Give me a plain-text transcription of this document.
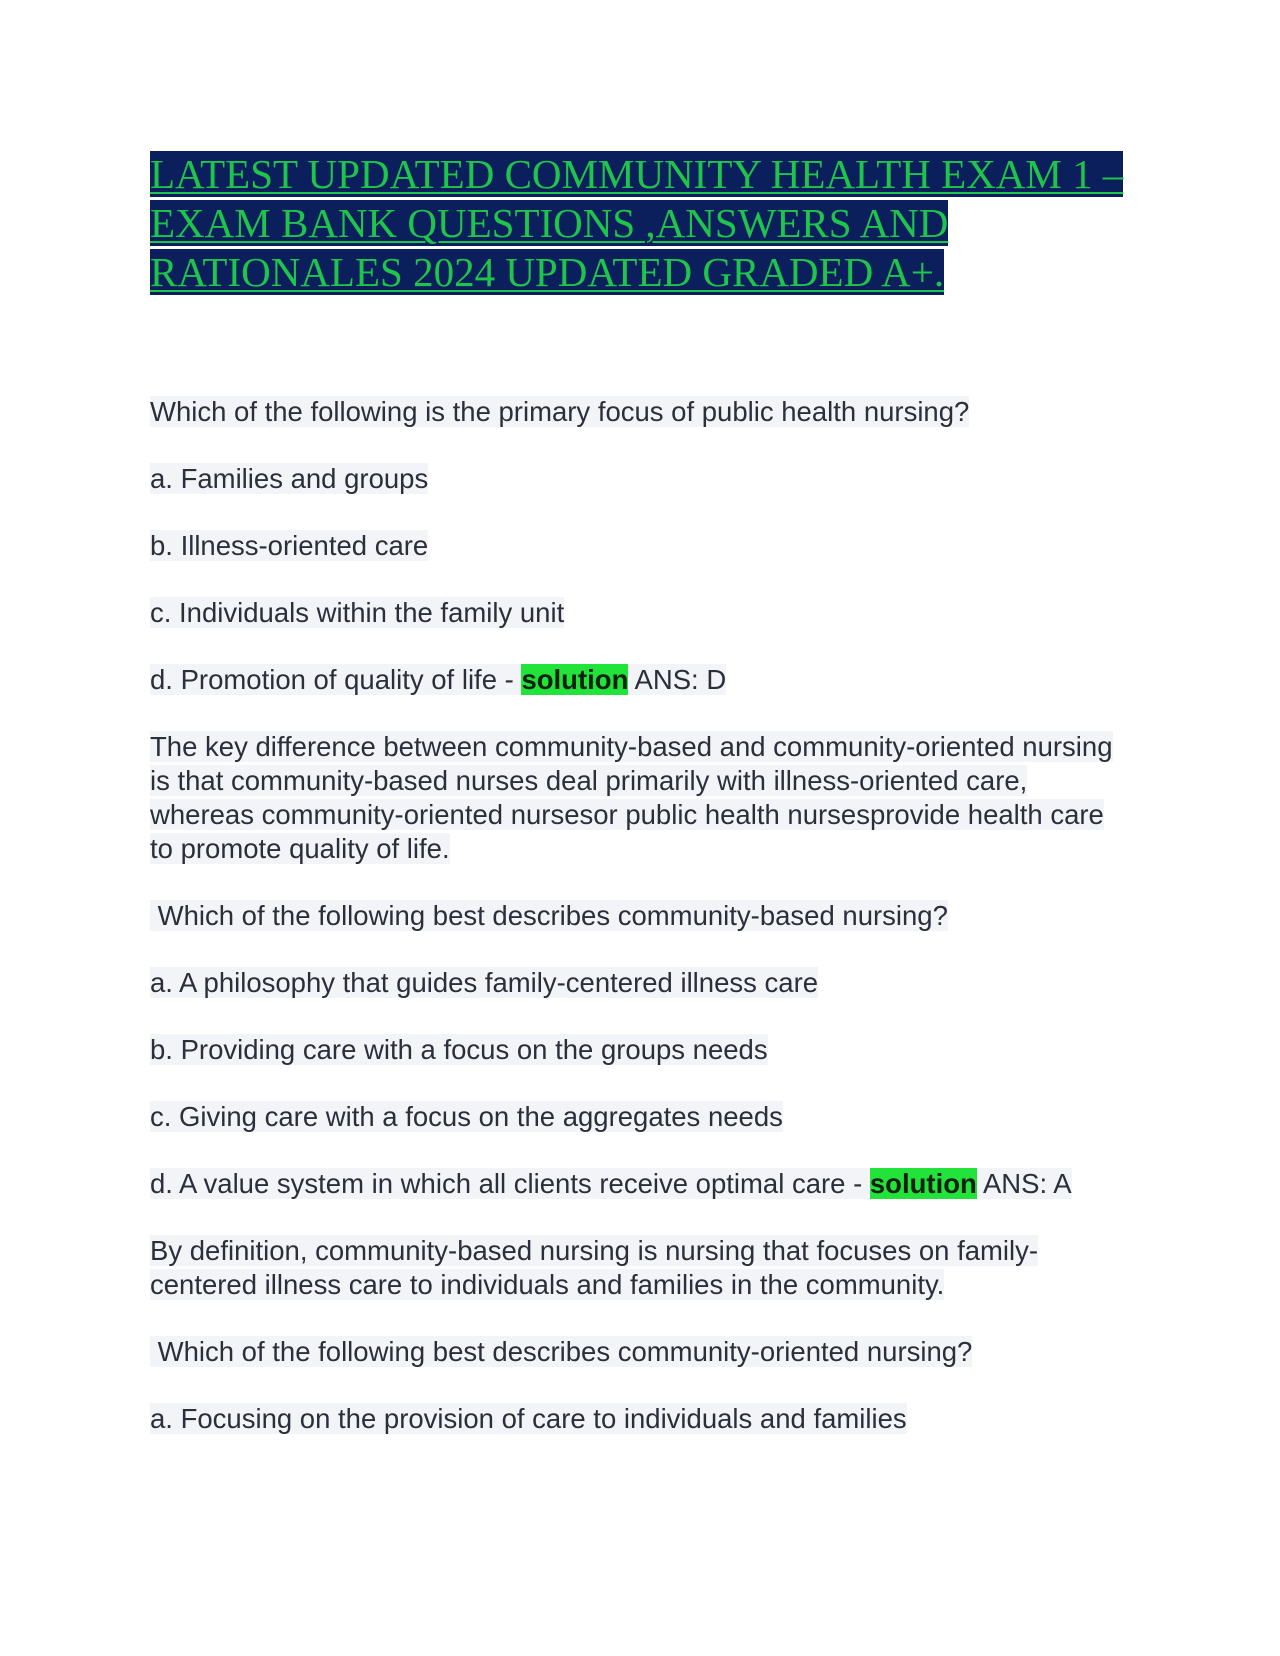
LATEST UPDATED COMMUNITY HEALTH EXAM 1 – EXAM BANK QUESTIONS ,ANSWERS AND RATIONALES 2024 UPDATED GRADED A+.

Which of the following is the primary focus of public health nursing?

a. Families and groups

b. Illness-oriented care

c. Individuals within the family unit

d. Promotion of quality of life - solution ANS: D

The key difference between community-based and community-oriented nursing is that community-based nurses deal primarily with illness-oriented care, whereas community-oriented nursesor public health nursesprovide health care to promote quality of life.

Which of the following best describes community-based nursing?

a. A philosophy that guides family-centered illness care

b. Providing care with a focus on the groups needs

c. Giving care with a focus on the aggregates needs

d. A value system in which all clients receive optimal care - solution ANS: A

By definition, community-based nursing is nursing that focuses on family-centered illness care to individuals and families in the community.

Which of the following best describes community-oriented nursing?

a. Focusing on the provision of care to individuals and families
